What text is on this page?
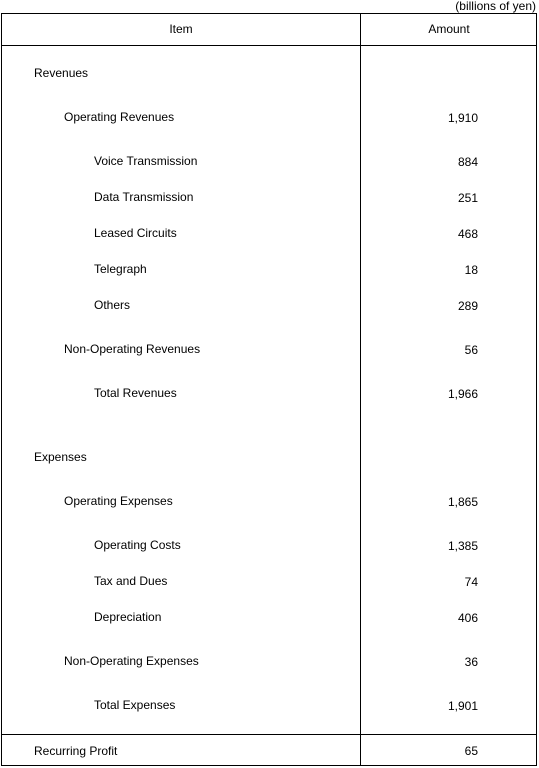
(billions of yen)
Item	Amount
Revenues
Operating Revenues	1,910
Voice Transmission	884
Data Transmission	251
Leased Circuits	468
Telegraph	18
Others	289
Non-Operating Revenues	56
Total Revenues	1,966
Expenses
Operating Expenses	1,865
Operating Costs	1,385
Tax and Dues	74
Depreciation	406
Non-Operating Expenses	36
Total Expenses	1,901
Recurring Profit	65
